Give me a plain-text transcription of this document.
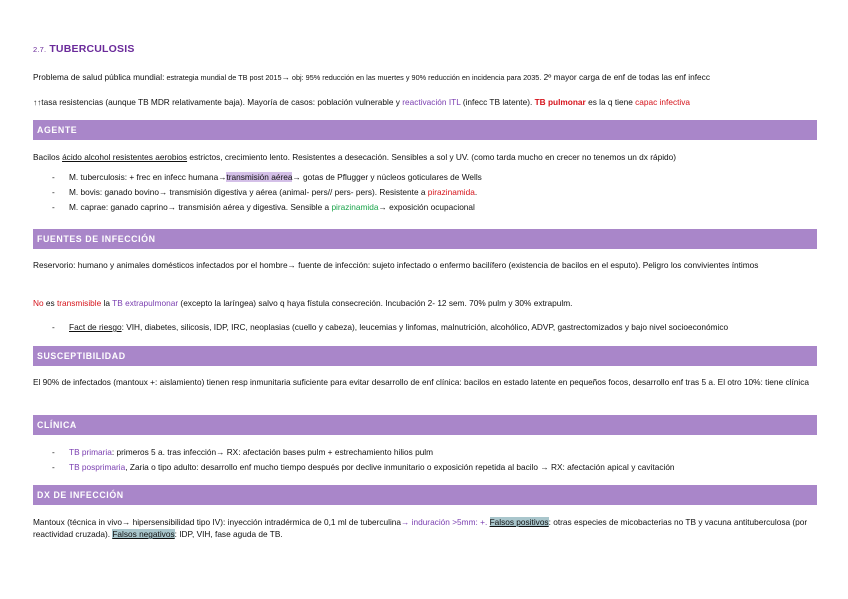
2.7. TUBERCULOSIS

Problema de salud pública mundial: estrategia mundial de TB post 2015→ obj: 95% reducción en las muertes y 90% reducción en incidencia para 2035. 2º mayor carga de enf de todas las enf infecc

↑↑tasa resistencias (aunque TB MDR relativamente baja). Mayoría de casos: población vulnerable y reactivación ITL (infecc TB latente). TB pulmonar es la q tiene capac infectiva

AGENTE

Bacilos ácido alcohol resistentes aerobios estrictos, crecimiento lento. Resistentes a desecación. Sensibles a sol y UV. (como tarda mucho en crecer no tenemos un dx rápido)

- M. tuberculosis: + frec en infecc humana→transmisión aérea→ gotas de Pflugger y núcleos goticulares de Wells
- M. bovis: ganado bovino→ transmisión digestiva y aérea (animal- pers// pers- pers). Resistente a pirazinamida.
- M. caprae: ganado caprino→ transmisión aérea y digestiva. Sensible a pirazinamida→ exposición ocupacional
FUENTES DE INFECCIÓN

Reservorio: humano y animales domésticos infectados por el hombre→ fuente de infección: sujeto infectado o enfermo bacilífero (existencia de bacilos en el esputo). Peligro los convivientes íntimos

No es transmisible la TB extrapulmonar (excepto la laríngea) salvo q haya fístula consecreción. Incubación 2- 12 sem. 70% pulm y 30% extrapulm.

- Fact de riesgo: VIH, diabetes, silicosis, IDP, IRC, neoplasias (cuello y cabeza), leucemias y linfomas, malnutrición, alcohólico, ADVP, gastrectomizados y bajo nivel socioeconómico
SUSCEPTIBILIDAD

El 90% de infectados (mantoux +: aislamiento) tienen resp inmunitaria suficiente para evitar desarrollo de enf clínica: bacilos en estado latente en pequeños focos, desarrollo enf tras 5 a. El otro 10%: tiene clínica

CLÍNICA
- TB primaria: primeros 5 a. tras infección→ RX: afectación bases pulm + estrechamiento hilios pulm
- TB posprimaria, Zaria o tipo adulto: desarrollo enf mucho tiempo después por declive inmunitario o exposición repetida al bacilo → RX: afectación apical y cavitación
DX DE INFECCIÓN

Mantoux (técnica in vivo→ hipersensibilidad tipo IV): inyección intradérmica de 0,1 ml de tuberculina→ induración >5mm: +. Falsos positivos: otras especies de micobacterias no TB y vacuna antituberculosa (por reactividad cruzada). Falsos negativos: IDP, VIH, fase aguda de TB.
